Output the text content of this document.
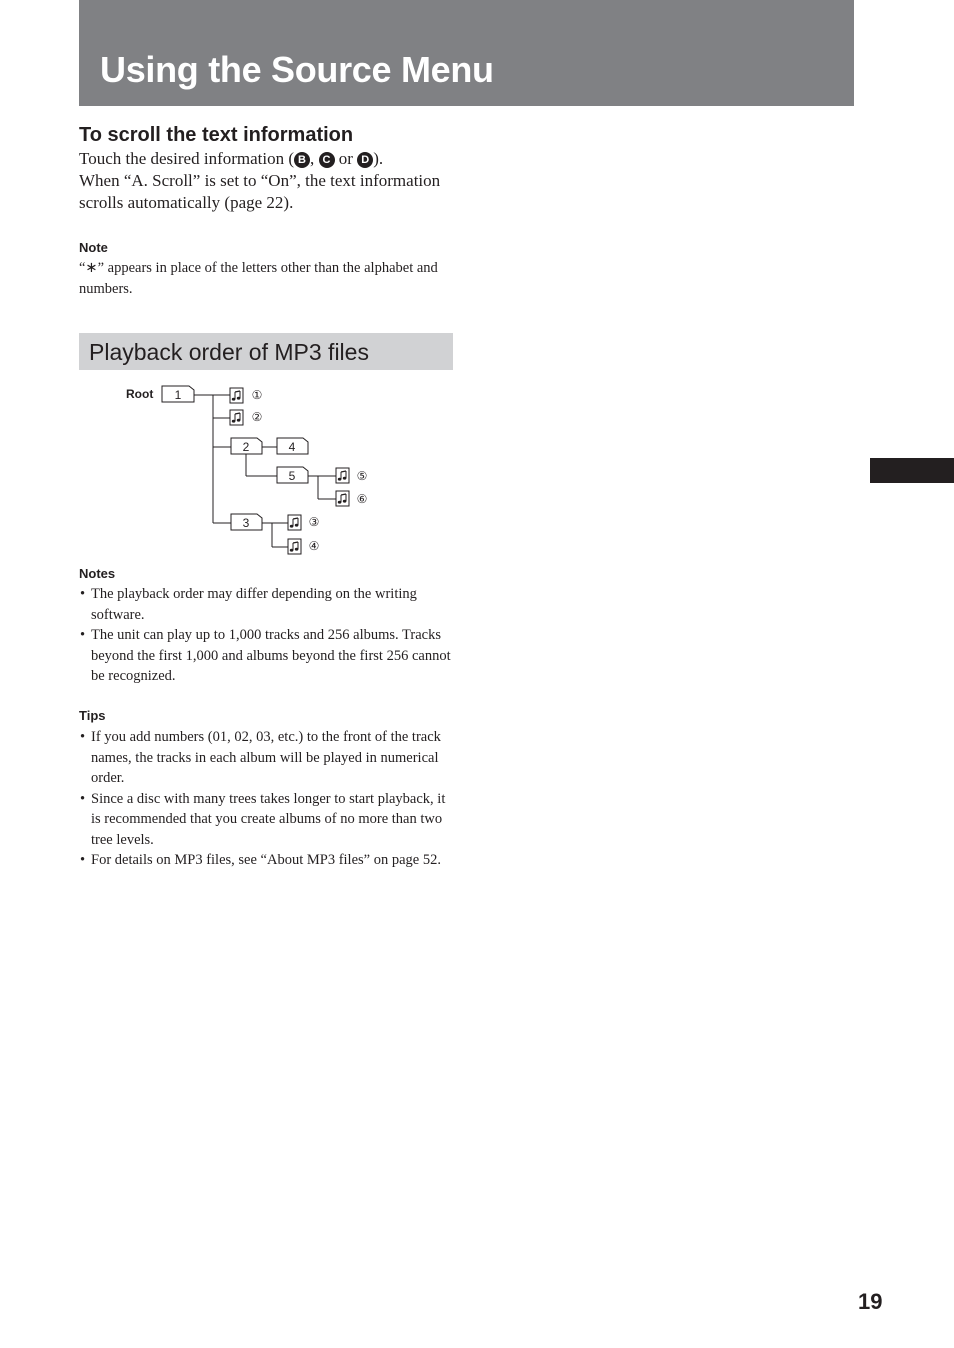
Using the Source Menu

To scroll the text information

Touch the desired information ( B , C or D ).
When “A. Scroll” is set to “On”, the text information scrolls automatically (page 22).

Note

“∗” appears in place of the letters other than the alphabet and numbers.

Playback order of MP3 files
Root 1
2
3
4
5
①
②
③
④
⑤
⑥

Notes

• The playback order may differ depending on the writing software.
• The unit can play up to 1,000 tracks and 256 albums. Tracks beyond the first 1,000 and albums beyond the first 256 cannot be recognized.

Tips

• If you add numbers (01, 02, 03, etc.) to the front of the track names, the tracks in each album will be played in numerical order.
• Since a disc with many trees takes longer to start playback, it is recommended that you create albums of no more than two tree levels.
• For details on MP3 files, see “About MP3 files” on page 52.

19
